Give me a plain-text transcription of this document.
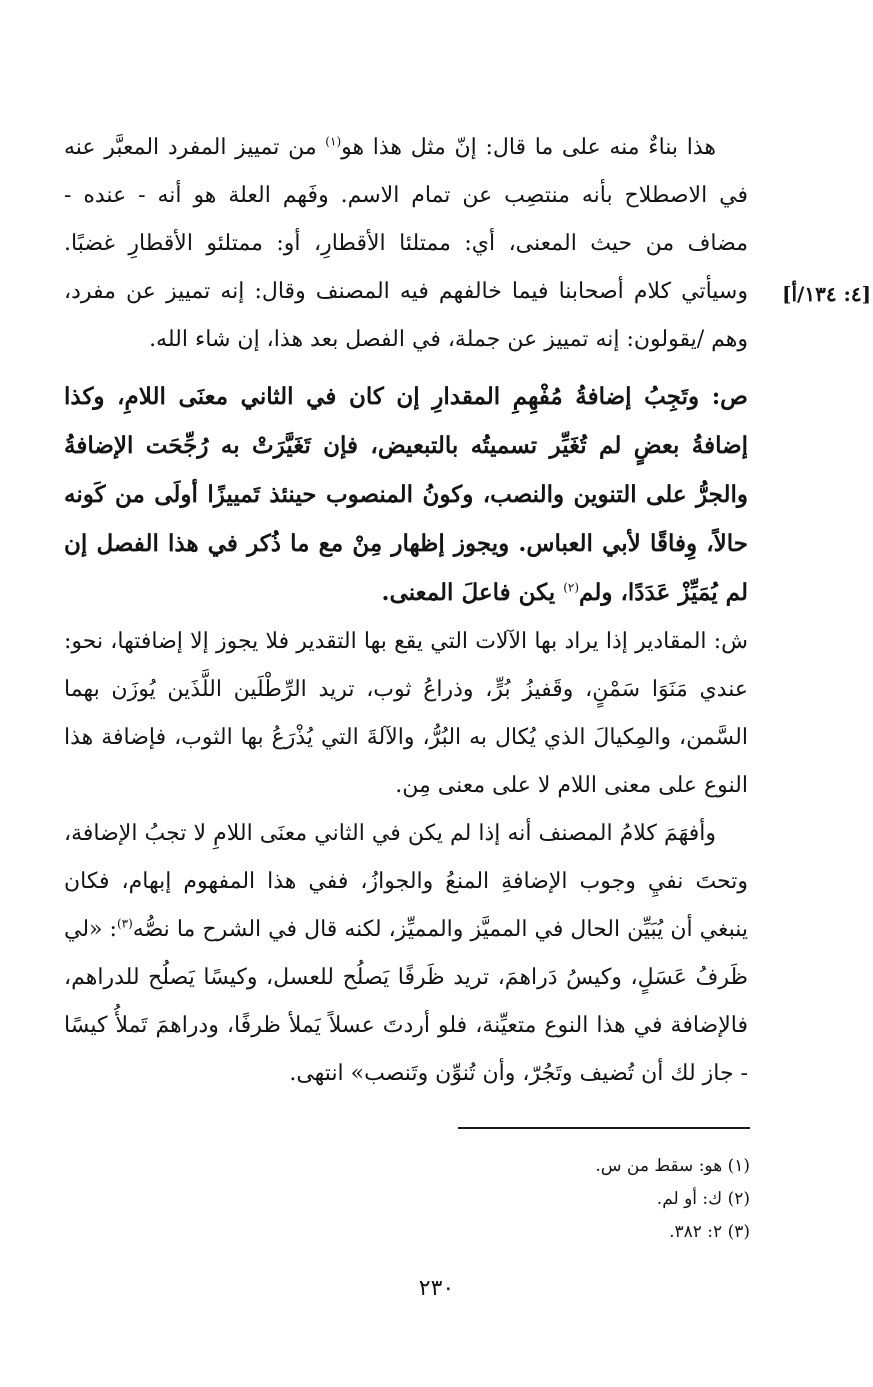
[٤: ١٣٤/أ]

هذا بناءٌ منه على ما قال: إنّ مثل هذا هو$^{(١)}$ من تمييز المفرد المعبَّر عنه في الاصطلاح بأنه منتصِب عن تمام الاسم. وفَهم العلة هو أنه - عنده - مضاف من حيث المعنى، أي: ممتلئا الأقطارِ، أو: ممتلئو الأقطارِ غضبًا. وسيأتي كلام أصحابنا فيما خالفهم فيه المصنف وقال: إنه تمييز عن مفرد، وهم /يقولون: إنه تمييز عن جملة، في الفصل بعد هذا، إن شاء الله.

ص: وتَجِبُ إضافةُ مُفْهِمِ المقدارِ إن كان في الثاني معنَى اللامِ، وكذا إضافةُ بعضٍ لم تُغَيِّر تسميتُه بالتبعيض، فإن تَغَيَّرَتْ به رُجِّحَت الإضافةُ والجرُّ على التنوين والنصب، وكونُ المنصوب حينئذ تَمييزًا أولَى من كَونه حالاً، وِفاقًا لأبي العباس. ويجوز إظهار مِنْ مع ما ذُكر في هذا الفصل إن لم يُمَيِّزْ عَدَدًا، ولم$^{(٢)}$ يكن فاعلَ المعنى.

ش: المقادير إذا يراد بها الآلات التي يقع بها التقدير فلا يجوز إلا إضافتها، نحو: عندي مَنَوَا سَمْنٍ، وقَفيزُ بُرٍّ، وذراعُ ثوب، تريد الرِّطْلَين اللَّذَين يُوزَن بهما السَّمن، والمِكيالَ الذي يُكال به البُرُّ، والآلةَ التي يُذْرَعُ بها الثوب، فإضافة هذا النوع على معنى اللام لا على معنى مِن.

وأفهَمَ كلامُ المصنف أنه إذا لم يكن في الثاني معنَى اللامِ لا تجبُ الإضافة، وتحتَ نفيِ وجوب الإضافةِ المنعُ والجوازُ، ففي هذا المفهوم إبهام، فكان ينبغي أن يُبَيِّن الحال في المميَّز والمميِّز، لكنه قال في الشرح ما نصُّه$^{(٣)}$: «لي ظَرفُ عَسَلٍ، وكيسُ دَراهمَ، تريد ظَرفًا يَصلُح للعسل، وكيسًا يَصلُح للدراهم، فالإضافة في هذا النوع متعيِّنة، فلو أردتَ عسلاً يَملأ ظرفًا، ودراهمَ تَملأُ كيسًا - جاز لك أن تُضيف وتَجُرّ، وأن تُنوِّن وتَنصب» انتهى.

(١) هو: سقط من س.
(٢) ك: أو لم.
(٣) ٢: ٣٨٢.

٢٣٠
